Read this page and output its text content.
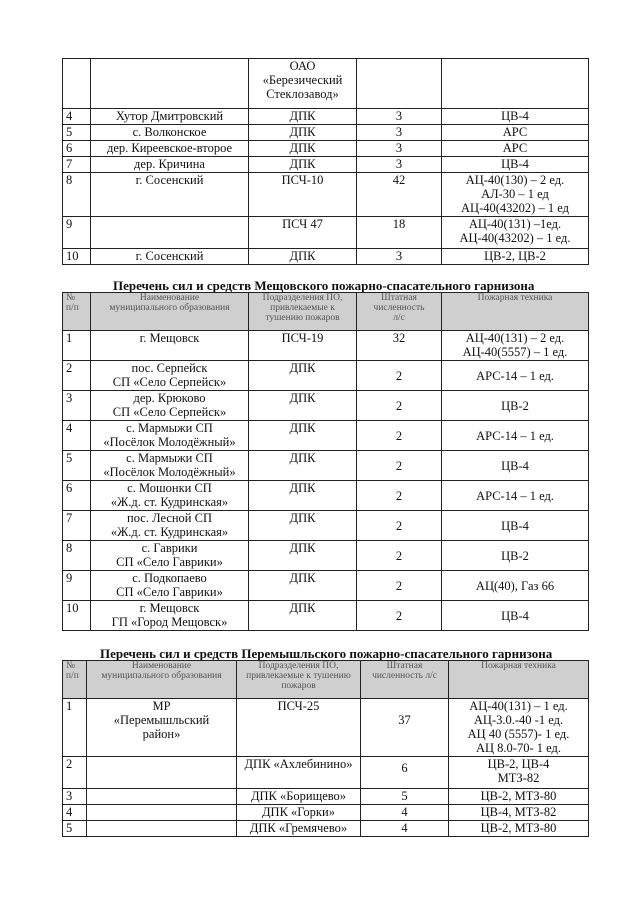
		ОАО
«Березический
Стеклозавод»		

4	Хутор Дмитровский	ДПК	3	ЦВ-4

5	с. Волконское	ДПК	3	АРС

6	дер. Киреевское-второе	ДПК	3	АРС

7	дер. Кричина	ДПК	3	ЦВ-4

8	г. Сосенский	ПСЧ-10	42	АЦ-40(130) – 2 ед.
АЛ-30 – 1 ед
АЦ-40(43202) – 1 ед

9		ПСЧ 47	18	АЦ-40(131) –1ед.
АЦ-40(43202) – 1 ед.

10	г. Сосенский	ДПК	3	ЦВ-2, ЦВ-2
Перечень сил и средств Мещовского пожарно-спасательного гарнизона
№
п/п	Наименование
муниципального образования	Подразделения ПО,
привлекаемые к
тушению пожаров	Штатная
численность
л/с	Пожарная техника

1	г. Мещовск	ПСЧ-19	32	АЦ-40(131) – 2 ед.
АЦ-40(5557) – 1 ед.

2	пос. Серпейск
СП «Село Серпейск»	ДПК	2	АРС-14 – 1 ед.

3	дер. Крюково
СП «Село Серпейск»	ДПК	2	ЦВ-2

4	с. Мармыжи СП
«Посёлок Молодёжный»	ДПК	2	АРС-14 – 1 ед.

5	с. Мармыжи СП
«Посёлок Молодёжный»	ДПК	2	ЦВ-4

6	с. Мошонки СП
«Ж.д. ст. Кудринская»	ДПК	2	АРС-14 – 1 ед.

7	пос. Лесной СП
«Ж.д. ст. Кудринская»	ДПК	2	ЦВ-4

8	с. Гаврики
СП «Село Гаврики»	ДПК	2	ЦВ-2

9	с. Подкопаево
СП «Село Гаврики»	ДПК	2	АЦ(40), Газ 66

10	г. Мещовск
ГП «Город Мещовск»	ДПК	2	ЦВ-4
Перечень сил и средств Перемышльского пожарно-спасательного гарнизона
№
п/п	Наименование
муниципального образования	Подразделения ПО,
привлекаемые к тушению
пожаров	Штатная
численность л/с	Пожарная техника

1	МР
«Перемышльский
район»	ПСЧ-25	37	АЦ-40(131) – 1 ед.
АЦ-3.0.-40 -1 ед.
АЦ 40 (5557)- 1 ед.
АЦ 8.0-70- 1 ед.

2		ДПК «Ахлебинино»	6	ЦВ-2, ЦВ-4
МТЗ-82

3		ДПК «Борищево»	5	ЦВ-2, МТЗ-80

4		ДПК «Горки»	4	ЦВ-4, МТЗ-82

5		ДПК «Гремячево»	4	ЦВ-2, МТЗ-80
